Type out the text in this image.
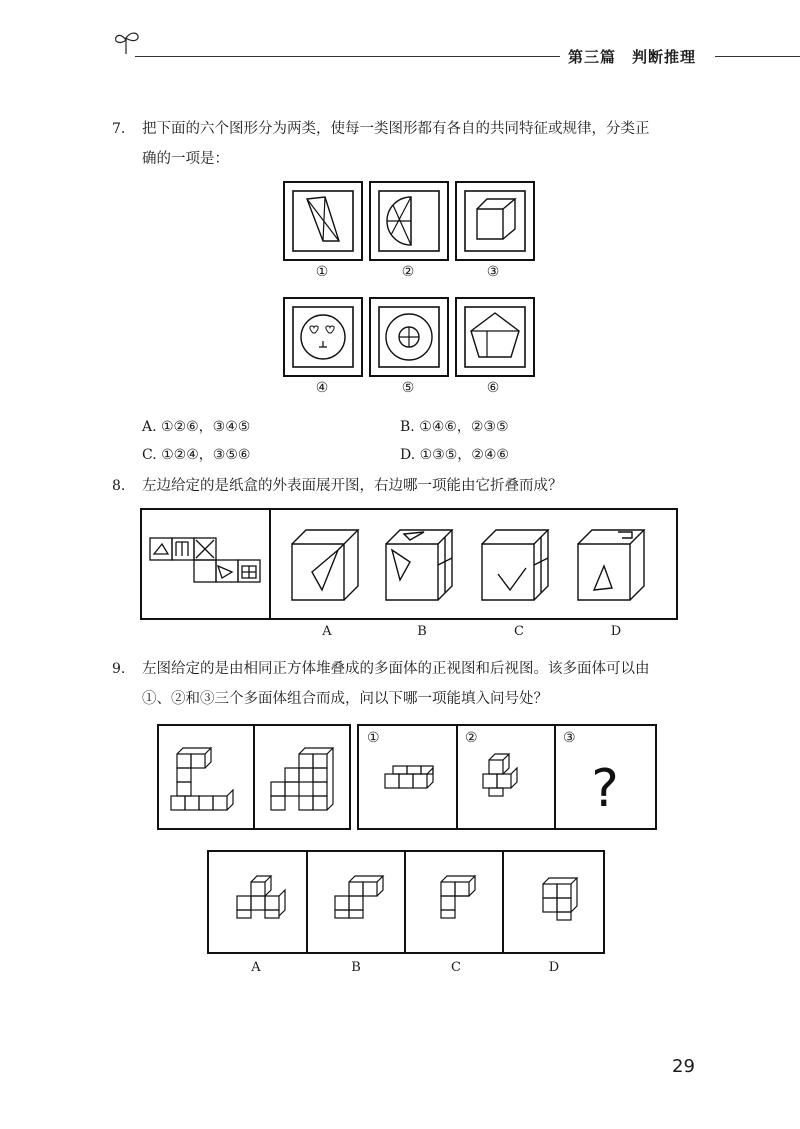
第三篇　判断推理
7. 把下面的六个图形分为两类，使每一类图形都有各自的共同特征或规律，分类正
确的一项是：
①	②	③
④	⑤	⑥
A. ①②⑥，③④⑤	B. ①④⑥，②③⑤
C. ①②④，③⑤⑥	D. ①③⑤，②④⑥
8. 左边给定的是纸盒的外表面展开图，右边哪一项能由它折叠而成？
A	B	C	D
9. 左图给定的是由相同正方体堆叠成的多面体的正视图和后视图。该多面体可以由
①、②和③三个多面体组合而成，问以下哪一项能填入问号处？
?
①	②	③
A	B	C	D
29
